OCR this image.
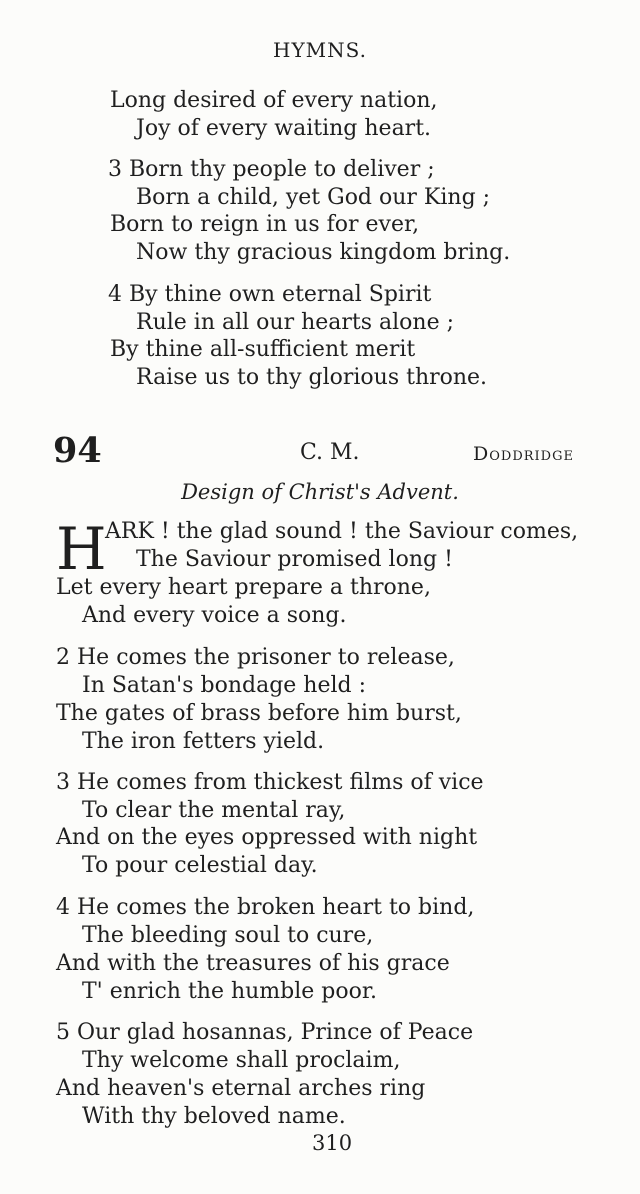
HYMNS.
Long desired of every nation,
Joy of every waiting heart.
3 Born thy people to deliver ;
Born a child, yet God our King ;
Born to reign in us for ever,
Now thy gracious kingdom bring.
4 By thine own eternal Spirit
Rule in all our hearts alone ;
By thine all-sufficient merit
Raise us to thy glorious throne.
94	C. M.	Doddridge
Design of Christ's Advent.
H
ARK ! the glad sound ! the Saviour comes,
The Saviour promised long !
Let every heart prepare a throne,
And every voice a song.
2 He comes the prisoner to release,
In Satan's bondage held :
The gates of brass before him burst,
The iron fetters yield.
3 He comes from thickest films of vice
To clear the mental ray,
And on the eyes oppressed with night
To pour celestial day.
4 He comes the broken heart to bind,
The bleeding soul to cure,
And with the treasures of his grace
T' enrich the humble poor.
5 Our glad hosannas, Prince of Peace
Thy welcome shall proclaim,
And heaven's eternal arches ring
With thy beloved name.
310
